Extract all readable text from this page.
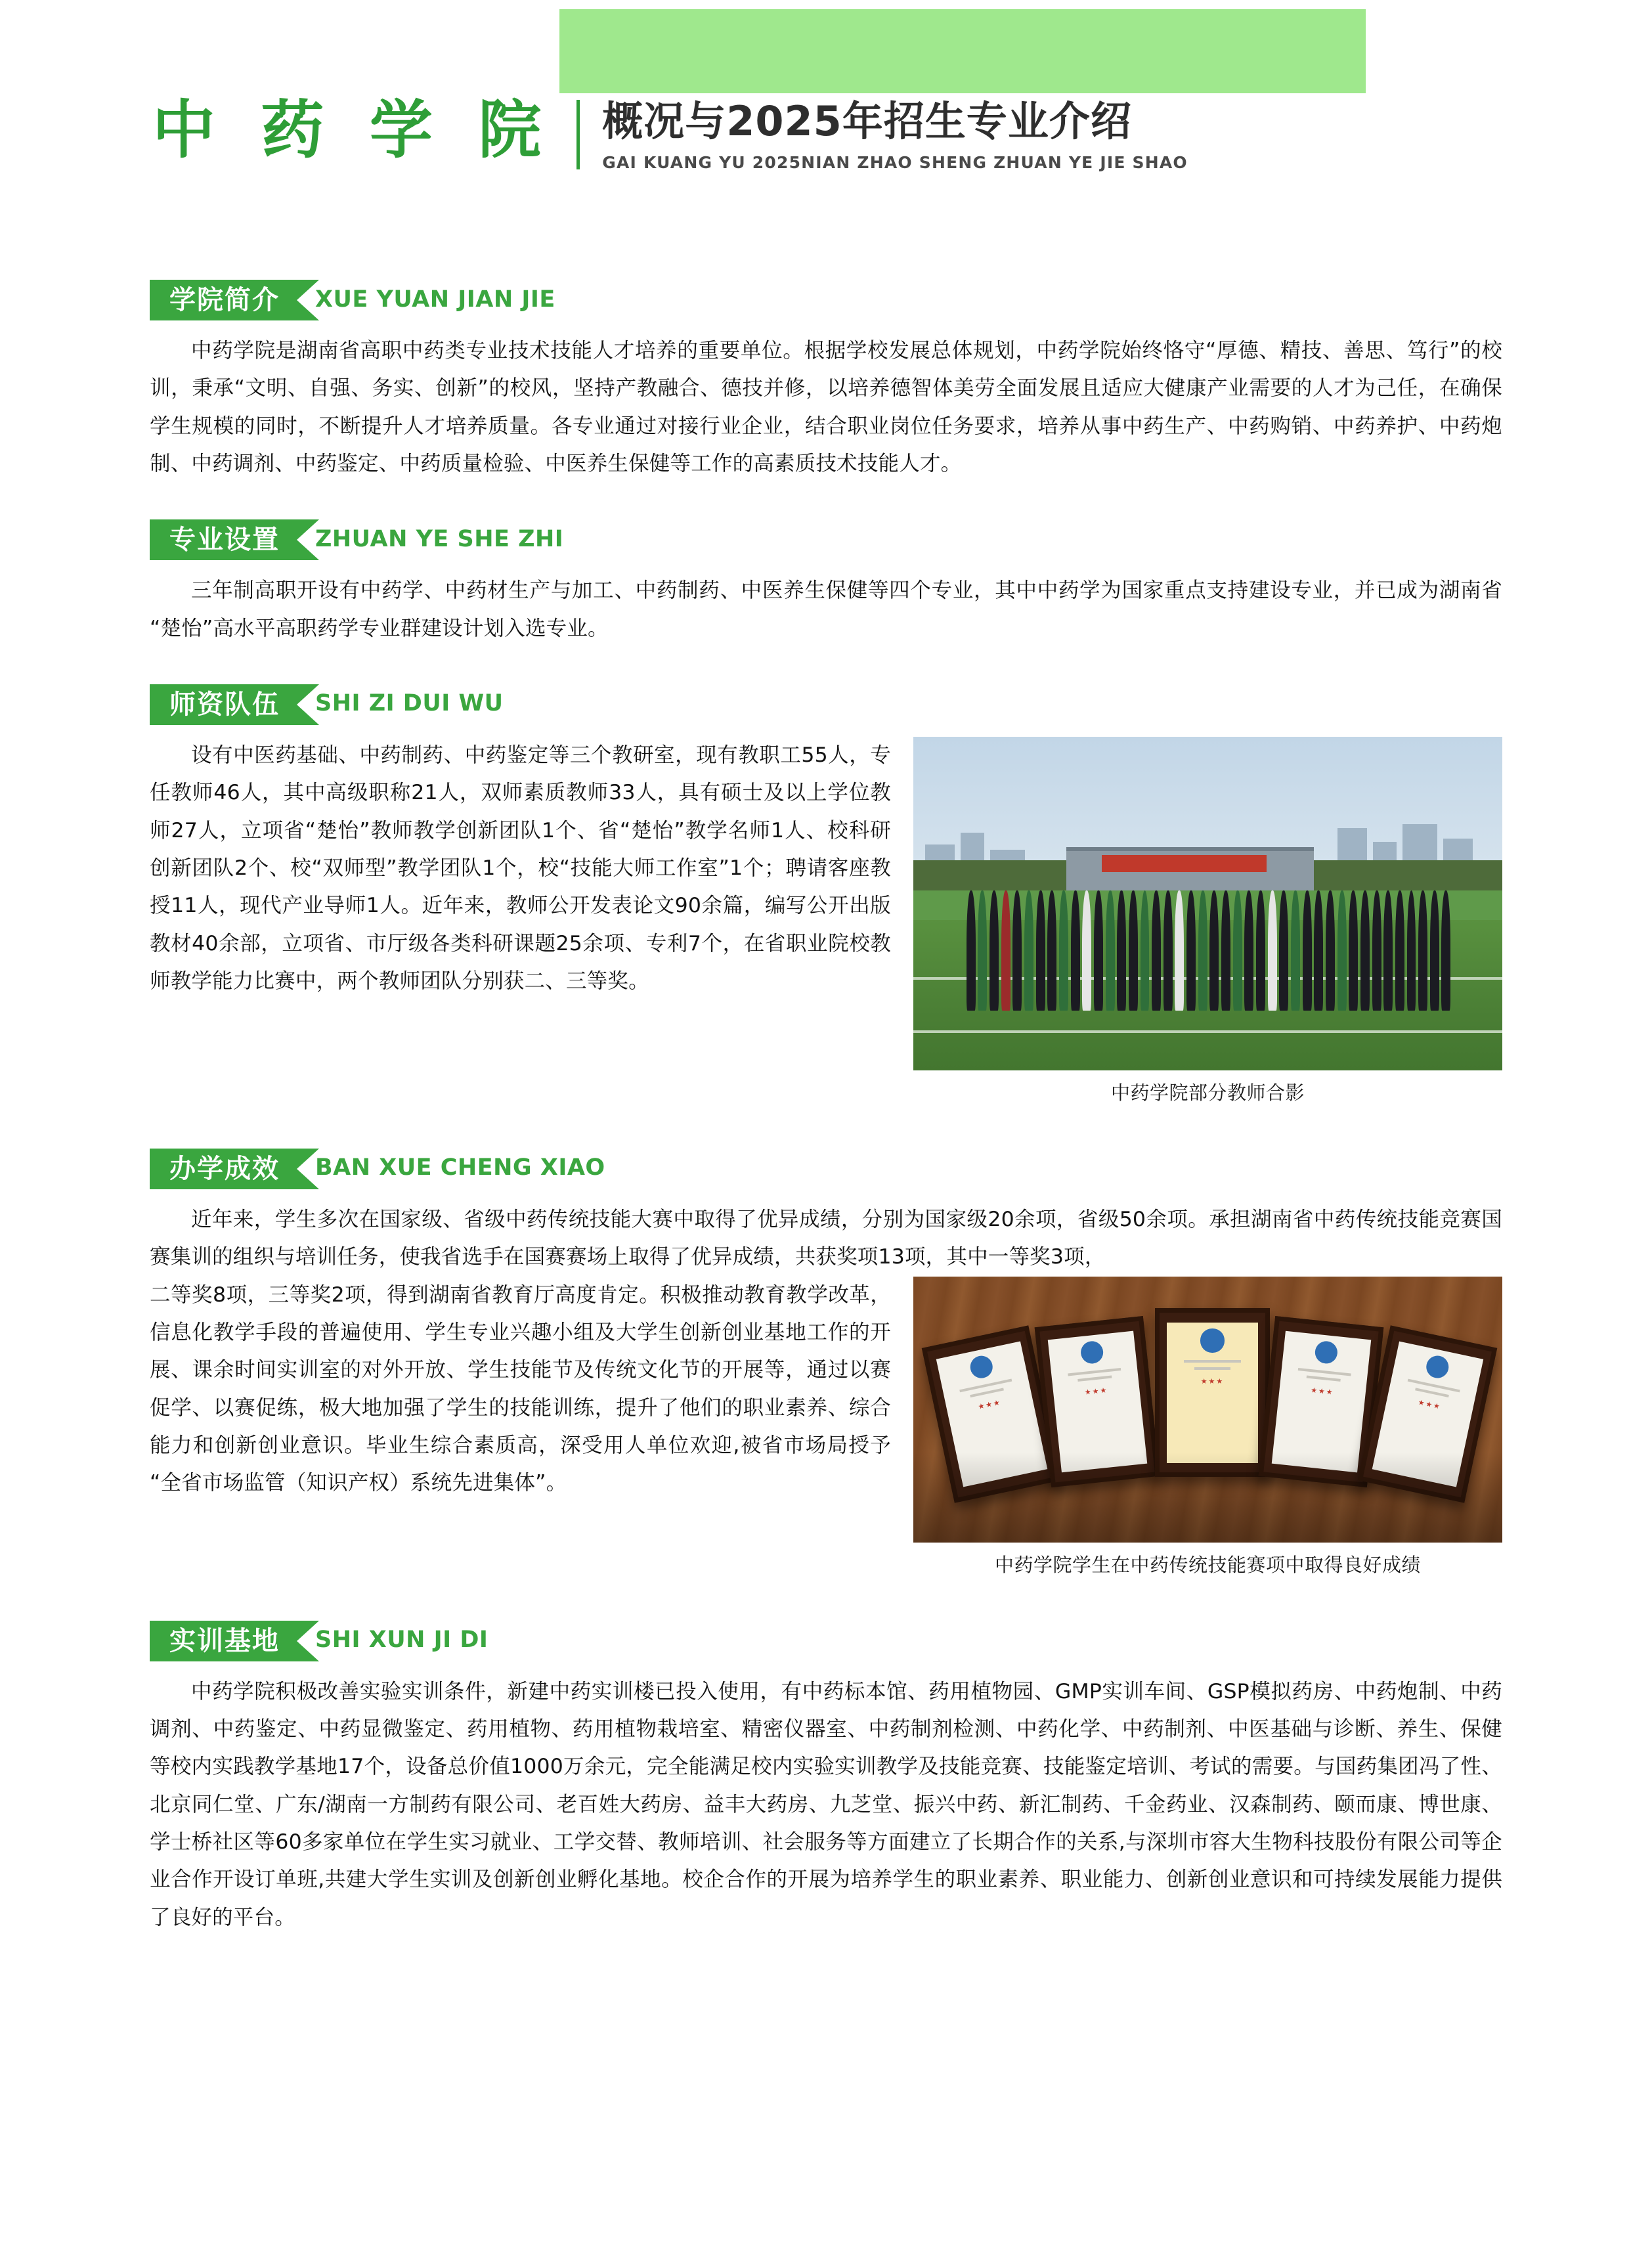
中 药 学 院	概况与2025年招生专业介绍
GAI KUANG YU 2025NIAN ZHAO SHENG ZHUAN YE JIE SHAO
学院简介 XUE YUAN JIAN JIE
中药学院是湖南省高职中药类专业技术技能人才培养的重要单位。根据学校发展总体规划，中药学院始终恪守“厚德、精技、善思、笃行”的校训，秉承“文明、自强、务实、创新”的校风，坚持产教融合、德技并修，以培养德智体美劳全面发展且适应大健康产业需要的人才为己任，在确保学生规模的同时，不断提升人才培养质量。各专业通过对接行业企业，结合职业岗位任务要求，培养从事中药生产、中药购销、中药养护、中药炮制、中药调剂、中药鉴定、中药质量检验、中医养生保健等工作的高素质技术技能人才。
专业设置 ZHUAN YE SHE ZHI
三年制高职开设有中药学、中药材生产与加工、中药制药、中医养生保健等四个专业，其中中药学为国家重点支持建设专业，并已成为湖南省“楚怡”高水平高职药学专业群建设计划入选专业。
师资队伍 SHI ZI DUI WU
中药学院部分教师合影
设有中医药基础、中药制药、中药鉴定等三个教研室，现有教职工55人，专任教师46人，其中高级职称21人，双师素质教师33人，具有硕士及以上学位教师27人，立项省“楚怡”教师教学创新团队1个、省“楚怡”教学名师1人、校科研创新团队2个、校“双师型”教学团队1个，校“技能大师工作室”1个；聘请客座教授11人，现代产业导师1人。近年来，教师公开发表论文90余篇，编写公开出版教材40余部，立项省、市厅级各类科研课题25余项、专利7个，在省职业院校教师教学能力比赛中，两个教师团队分别获二、三等奖。
办学成效 BAN XUE CHENG XIAO
近年来，学生多次在国家级、省级中药传统技能大赛中取得了优异成绩，分别为国家级20余项，省级50余项。承担湖南省中药传统技能竞赛国赛集训的组织与培训任务，使我省选手在国赛赛场上取得了优异成绩，共获奖项13项，其中一等奖3项，
★★★
★★★
★★★
★★★
★★★
中药学院学生在中药传统技能赛项中取得良好成绩
二等奖8项，三等奖2项，得到湖南省教育厅高度肯定。积极推动教育教学改革，信息化教学手段的普遍使用、学生专业兴趣小组及大学生创新创业基地工作的开展、课余时间实训室的对外开放、学生技能节及传统文化节的开展等，通过以赛促学、以赛促练，极大地加强了学生的技能训练，提升了他们的职业素养、综合能力和创新创业意识。毕业生综合素质高，深受用人单位欢迎,被省市场局授予“全省市场监管（知识产权）系统先进集体”。
实训基地 SHI XUN JI DI
中药学院积极改善实验实训条件，新建中药实训楼已投入使用，有中药标本馆、药用植物园、GMP实训车间、GSP模拟药房、中药炮制、中药调剂、中药鉴定、中药显微鉴定、药用植物、药用植物栽培室、精密仪器室、中药制剂检测、中药化学、中药制剂、中医基础与诊断、养生、保健等校内实践教学基地17个，设备总价值1000万余元，完全能满足校内实验实训教学及技能竞赛、技能鉴定培训、考试的需要。与国药集团冯了性、北京同仁堂、广东/湖南一方制药有限公司、老百姓大药房、益丰大药房、九芝堂、振兴中药、新汇制药、千金药业、汉森制药、颐而康、博世康、学士桥社区等60多家单位在学生实习就业、工学交替、教师培训、社会服务等方面建立了长期合作的关系,与深圳市容大生物科技股份有限公司等企业合作开设订单班,共建大学生实训及创新创业孵化基地。校企合作的开展为培养学生的职业素养、职业能力、创新创业意识和可持续发展能力提供了良好的平台。
